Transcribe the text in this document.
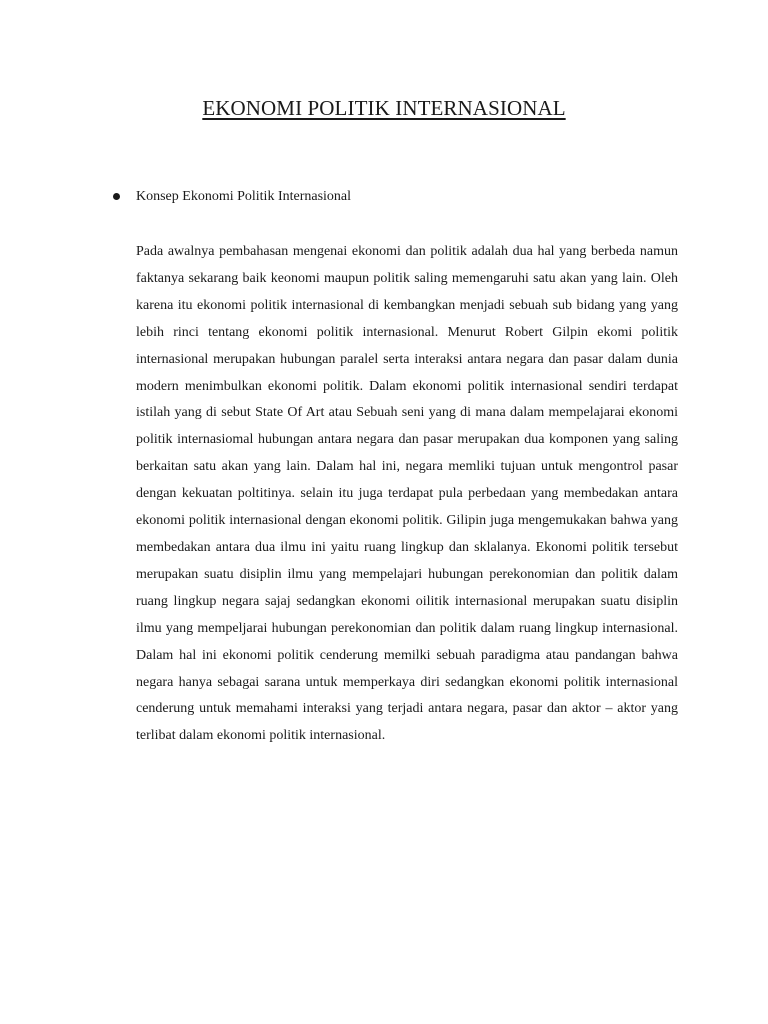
EKONOMI POLITIK INTERNASIONAL
Konsep Ekonomi Politik Internasional

Pada awalnya pembahasan mengenai ekonomi dan politik adalah dua hal yang berbeda namun faktanya sekarang baik keonomi maupun politik saling memengaruhi satu akan yang lain. Oleh karena itu ekonomi politik internasional di kembangkan menjadi sebuah sub bidang yang yang lebih rinci tentang ekonomi politik internasional. Menurut Robert Gilpin ekomi politik internasional merupakan hubungan paralel serta interaksi antara negara dan pasar dalam dunia modern menimbulkan ekonomi politik. Dalam ekonomi politik internasional sendiri terdapat istilah yang di sebut State Of Art atau Sebuah seni yang di mana dalam mempelajarai ekonomi politik internasiomal hubungan antara negara dan pasar merupakan dua komponen yang saling berkaitan satu akan yang lain. Dalam hal ini, negara memliki tujuan untuk mengontrol pasar dengan kekuatan poltitinya. selain itu juga terdapat pula perbedaan yang membedakan antara ekonomi politik internasional dengan ekonomi politik. Gilipin juga mengemukakan bahwa yang membedakan antara dua ilmu ini yaitu ruang lingkup dan sklalanya. Ekonomi politik tersebut merupakan suatu disiplin ilmu yang mempelajari hubungan perekonomian dan politik dalam ruang lingkup negara sajaj sedangkan ekonomi oilitik internasional merupakan suatu disiplin ilmu yang mempeljarai hubungan perekonomian dan politik dalam ruang lingkup internasional. Dalam hal ini ekonomi politik cenderung memilki sebuah paradigma atau pandangan bahwa negara hanya sebagai sarana untuk memperkaya diri sedangkan ekonomi politik internasional cenderung untuk memahami interaksi yang terjadi antara negara, pasar dan aktor – aktor yang terlibat dalam ekonomi politik internasional.
